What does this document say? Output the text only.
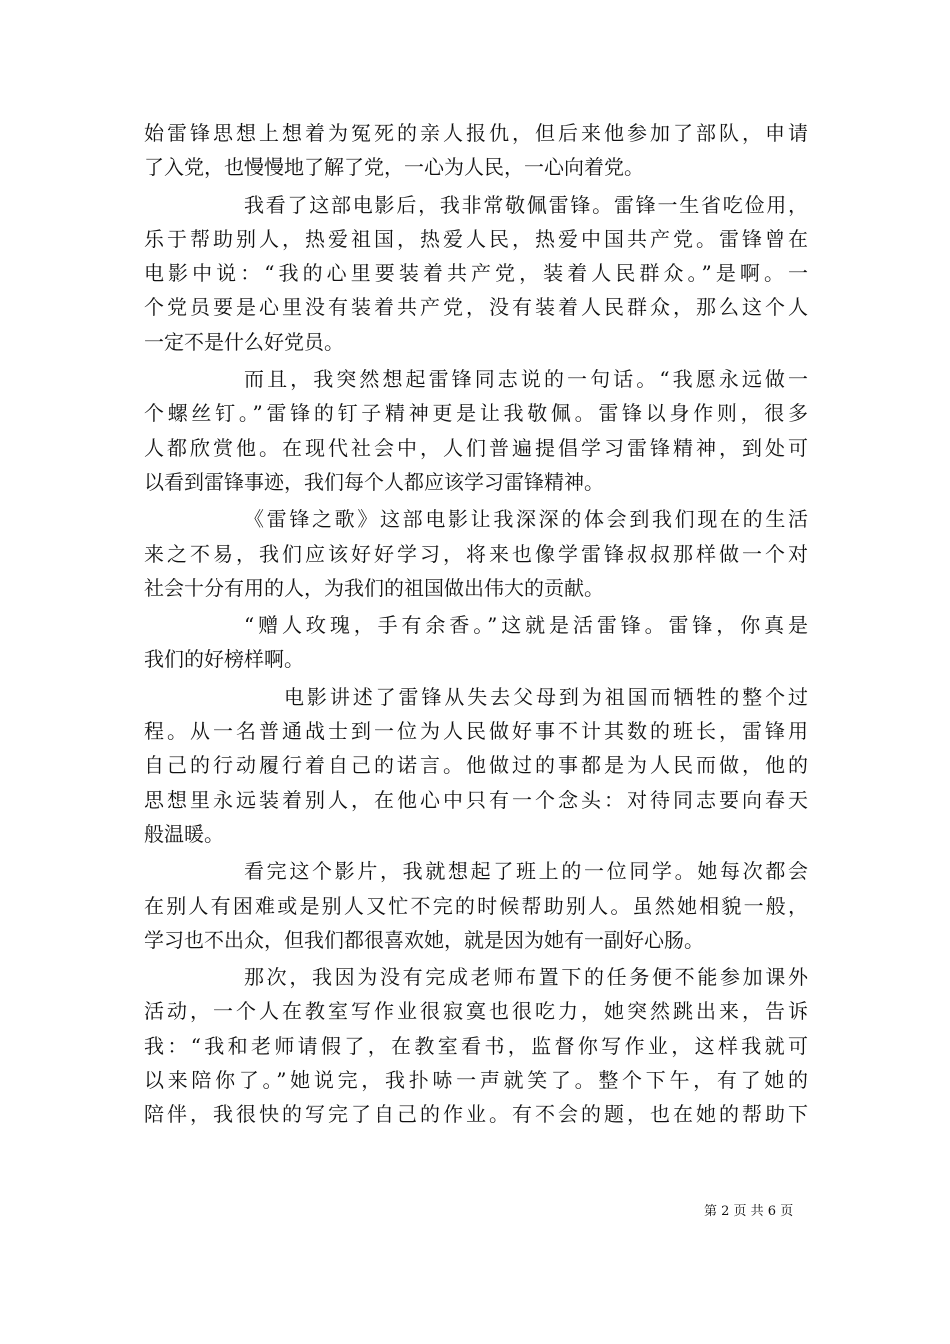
始雷锋思想上想着为冤死的亲人报仇，但后来他参加了部队，申请
了入党，也慢慢地了解了党，一心为人民，一心向着党。
我看了这部电影后，我非常敬佩雷锋。雷锋一生省吃俭用，
乐于帮助别人，热爱祖国，热爱人民，热爱中国共产党。雷锋曾在
电影中说：“我的心里要装着共产党，装着人民群众。”是啊。一
个党员要是心里没有装着共产党，没有装着人民群众，那么这个人
一定不是什么好党员。
而且，我突然想起雷锋同志说的一句话。“我愿永远做一
个螺丝钉。”雷锋的钉子精神更是让我敬佩。雷锋以身作则，很多
人都欣赏他。在现代社会中，人们普遍提倡学习雷锋精神，到处可
以看到雷锋事迹，我们每个人都应该学习雷锋精神。
《雷锋之歌》这部电影让我深深的体会到我们现在的生活
来之不易，我们应该好好学习，将来也像学雷锋叔叔那样做一个对
社会十分有用的人，为我们的祖国做出伟大的贡献。
“赠人玫瑰，手有余香。”这就是活雷锋。雷锋，你真是
我们的好榜样啊。
电影讲述了雷锋从失去父母到为祖国而牺牲的整个过
程。从一名普通战士到一位为人民做好事不计其数的班长，雷锋用
自己的行动履行着自己的诺言。他做过的事都是为人民而做，他的
思想里永远装着别人，在他心中只有一个念头：对待同志要向春天
般温暖。
看完这个影片，我就想起了班上的一位同学。她每次都会
在别人有困难或是别人又忙不完的时候帮助别人。虽然她相貌一般，
学习也不出众，但我们都很喜欢她，就是因为她有一副好心肠。
那次，我因为没有完成老师布置下的任务便不能参加课外
活动，一个人在教室写作业很寂寞也很吃力，她突然跳出来，告诉
我：“我和老师请假了，在教室看书，监督你写作业，这样我就可
以来陪你了。”她说完，我扑哧一声就笑了。整个下午，有了她的
陪伴，我很快的写完了自己的作业。有不会的题，也在她的帮助下
第 2 页 共 6 页
